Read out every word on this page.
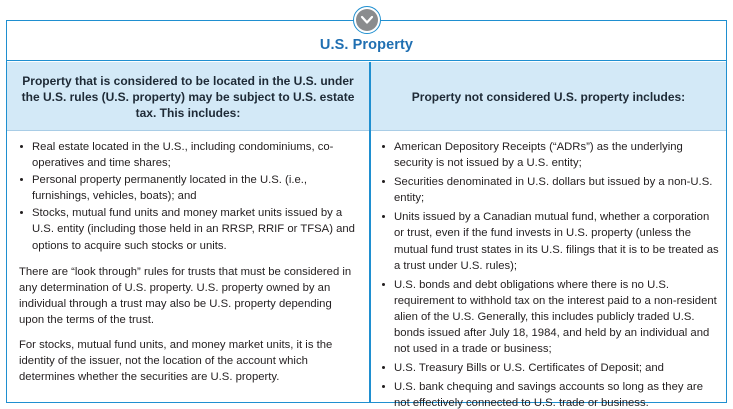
U.S. Property
Property that is considered to be located in the U.S. under the U.S. rules (U.S. property) may be subject to U.S. estate tax. This includes:
Property not considered U.S. property includes:
Real estate located in the U.S., including condominiums, co-operatives and time shares;
Personal property permanently located in the U.S. (i.e., furnishings, vehicles, boats); and
Stocks, mutual fund units and money market units issued by a U.S. entity (including those held in an RRSP, RRIF or TFSA) and options to acquire such stocks or units.

There are “look through” rules for trusts that must be considered in any determination of U.S. property. U.S. property owned by an individual through a trust may also be U.S. property depending upon the terms of the trust.

For stocks, mutual fund units, and money market units, it is the identity of the issuer, not the location of the account which determines whether the securities are U.S. property.

American Depository Receipts (“ADRs”) as the underlying security is not issued by a U.S. entity;
Securities denominated in U.S. dollars but issued by a non-U.S. entity;
Units issued by a Canadian mutual fund, whether a corporation or trust, even if the fund invests in U.S. property (unless the mutual fund trust states in its U.S. filings that it is to be treated as a trust under U.S. rules);
U.S. bonds and debt obligations where there is no U.S. requirement to withhold tax on the interest paid to a non-resident alien of the U.S. Generally, this includes publicly traded U.S. bonds issued after July 18, 1984, and held by an individual and not used in a trade or business;
U.S. Treasury Bills or U.S. Certificates of Deposit; and
U.S. bank chequing and savings accounts so long as they are not effectively connected to U.S. trade or business.
